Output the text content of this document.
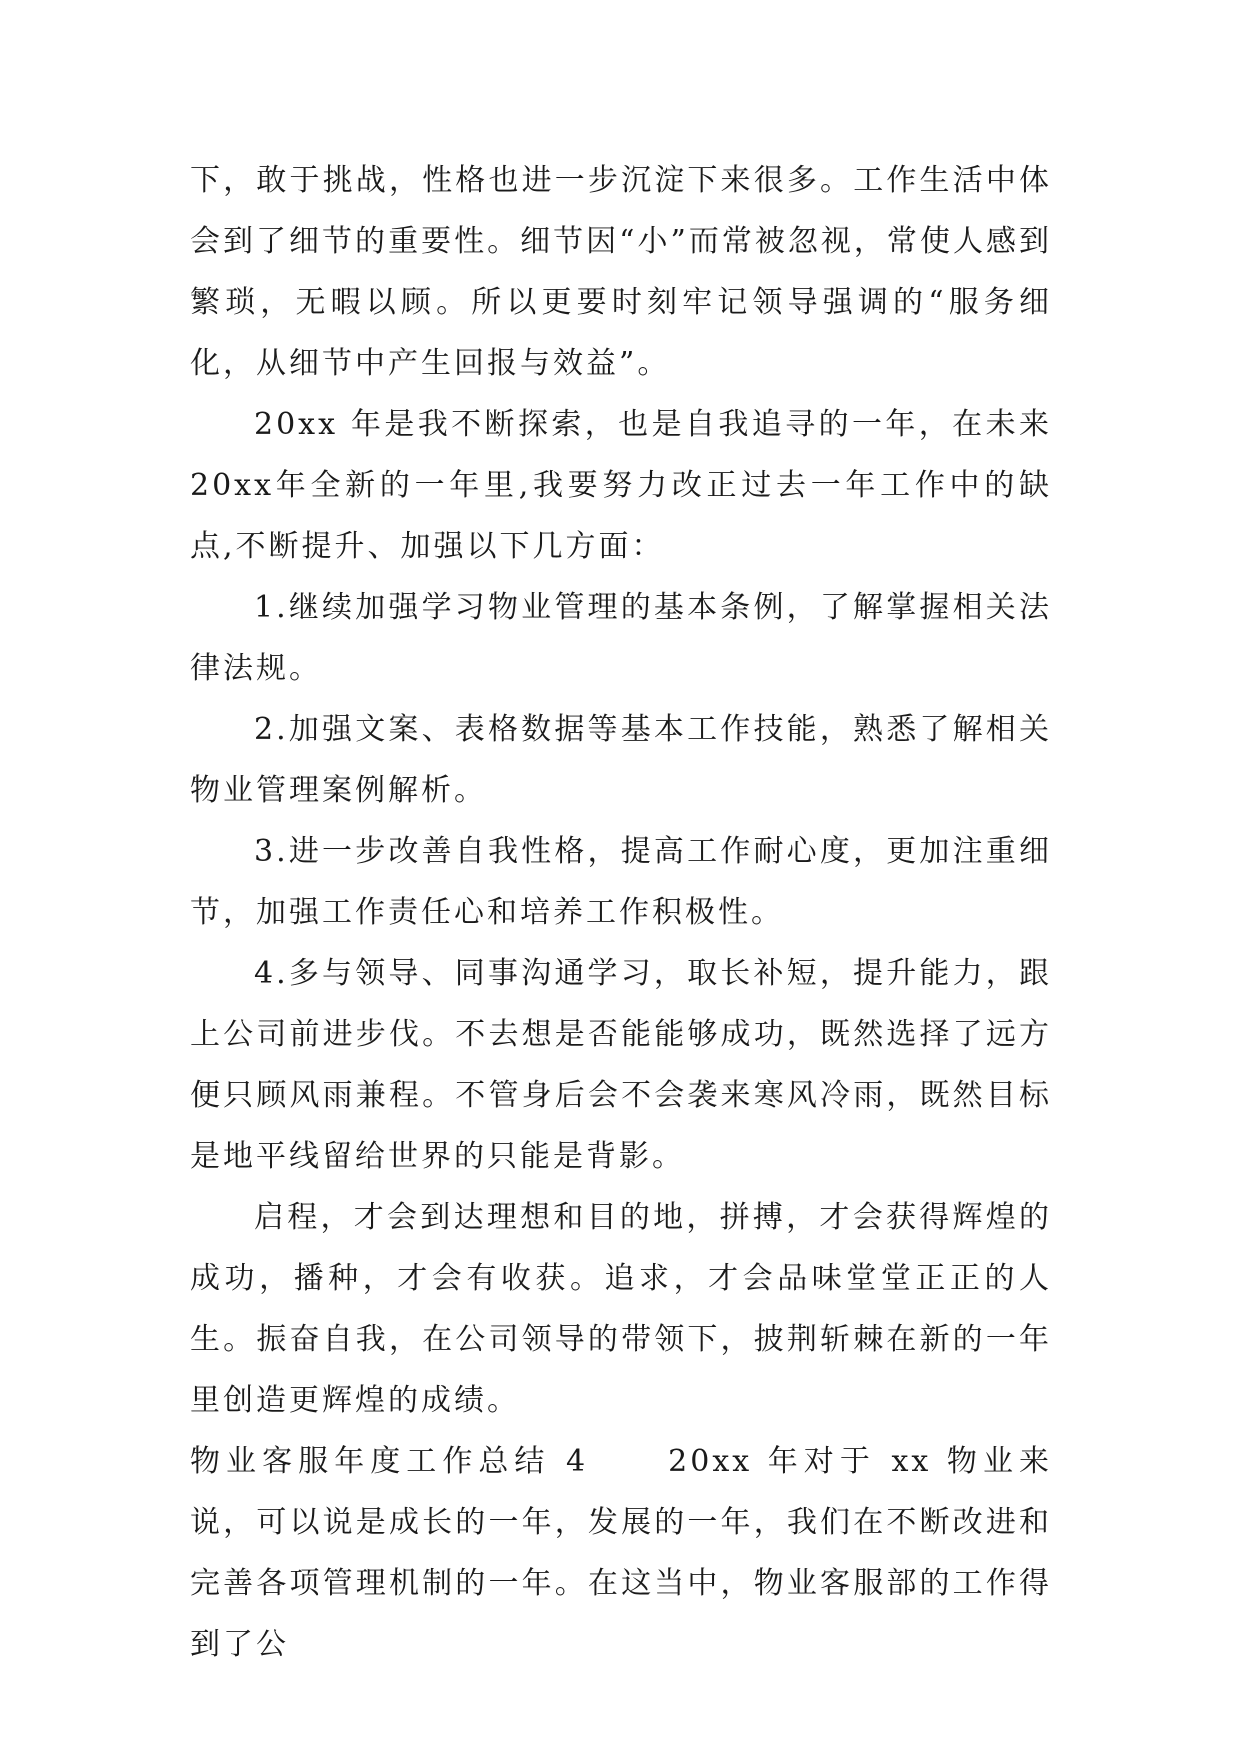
下，敢于挑战，性格也进一步沉淀下来很多。工作生活中体会到了细节的重要性。细节因“小”而常被忽视，常使人感到繁琐，无暇以顾。所以更要时刻牢记领导强调的“服务细化，从细节中产生回报与效益”。

20xx 年是我不断探索，也是自我追寻的一年，在未来20xx年全新的一年里,我要努力改正过去一年工作中的缺点,不断提升、加强以下几方面：

1.继续加强学习物业管理的基本条例，了解掌握相关法律法规。

2.加强文案、表格数据等基本工作技能，熟悉了解相关物业管理案例解析。

3.进一步改善自我性格，提高工作耐心度，更加注重细节，加强工作责任心和培养工作积极性。

4.多与领导、同事沟通学习，取长补短，提升能力，跟上公司前进步伐。不去想是否能能够成功，既然选择了远方便只顾风雨兼程。不管身后会不会袭来寒风冷雨，既然目标是地平线留给世界的只能是背影。

启程，才会到达理想和目的地，拼搏，才会获得辉煌的成功，播种，才会有收获。追求，才会品味堂堂正正的人生。振奋自我，在公司领导的带领下，披荆斩棘在新的一年里创造更辉煌的成绩。

物业客服年度工作总结 4	20xx 年对于 xx 物业来说，可以说是成长的一年，发展的一年，我们在不断改进和完善各项管理机制的一年。在这当中，物业客服部的工作得到了公
